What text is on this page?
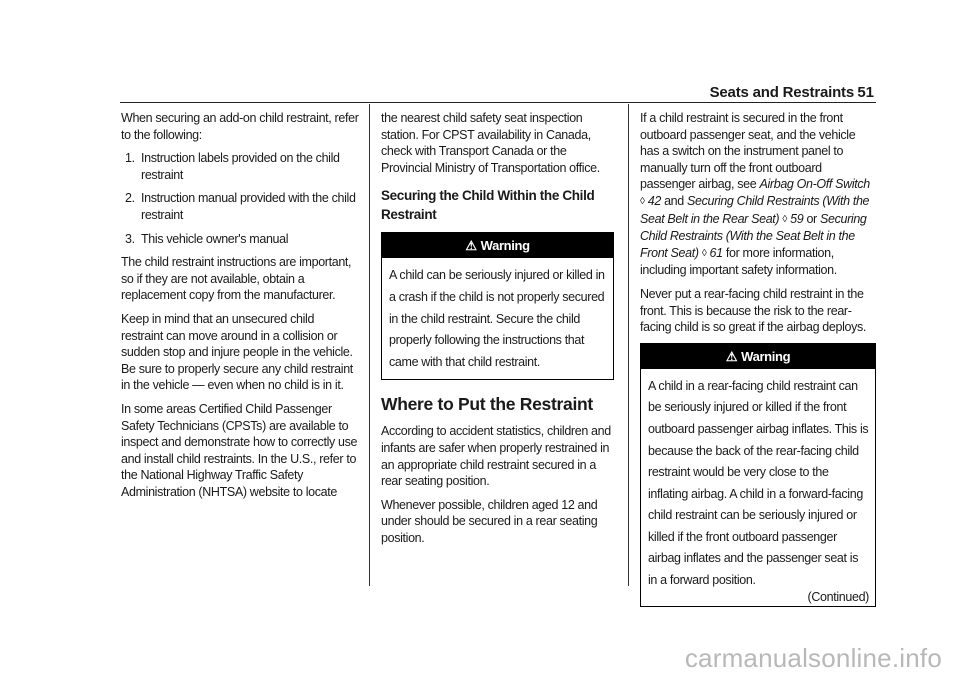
Seats and Restraints 51

When securing an add-on child restraint, refer to the following:

1. Instruction labels provided on the child restraint
2. Instruction manual provided with the child restraint
3. This vehicle owner's manual

The child restraint instructions are important, so if they are not available, obtain a replacement copy from the manufacturer.

Keep in mind that an unsecured child restraint can move around in a collision or sudden stop and injure people in the vehicle. Be sure to properly secure any child restraint in the vehicle — even when no child is in it.

In some areas Certified Child Passenger Safety Technicians (CPSTs) are available to inspect and demonstrate how to correctly use and install child restraints. In the U.S., refer to the National Highway Traffic Safety Administration (NHTSA) website to locate

the nearest child safety seat inspection station. For CPST availability in Canada, check with Transport Canada or the Provincial Ministry of Transportation office.

Securing the Child Within the Child Restraint
⚠ Warning
A child can be seriously injured or killed in a crash if the child is not properly secured in the child restraint. Secure the child properly following the instructions that came with that child restraint.
Where to Put the Restraint

According to accident statistics, children and infants are safer when properly restrained in an appropriate child restraint secured in a rear seating position.

Whenever possible, children aged 12 and under should be secured in a rear seating position.

If a child restraint is secured in the front outboard passenger seat, and the vehicle has a switch on the instrument panel to manually turn off the front outboard passenger airbag, see Airbag On-Off Switch ◊ 42 and Securing Child Restraints (With the Seat Belt in the Rear Seat) ◊ 59 or Securing Child Restraints (With the Seat Belt in the Front Seat) ◊ 61 for more information, including important safety information.

Never put a rear-facing child restraint in the front. This is because the risk to the rear-facing child is so great if the airbag deploys.

⚠ Warning
A child in a rear-facing child restraint can be seriously injured or killed if the front outboard passenger airbag inflates. This is because the back of the rear-facing child restraint would be very close to the inflating airbag. A child in a forward-facing child restraint can be seriously injured or killed if the front outboard passenger airbag inflates and the passenger seat is in a forward position.
(Continued)
carmanualsonline.info
